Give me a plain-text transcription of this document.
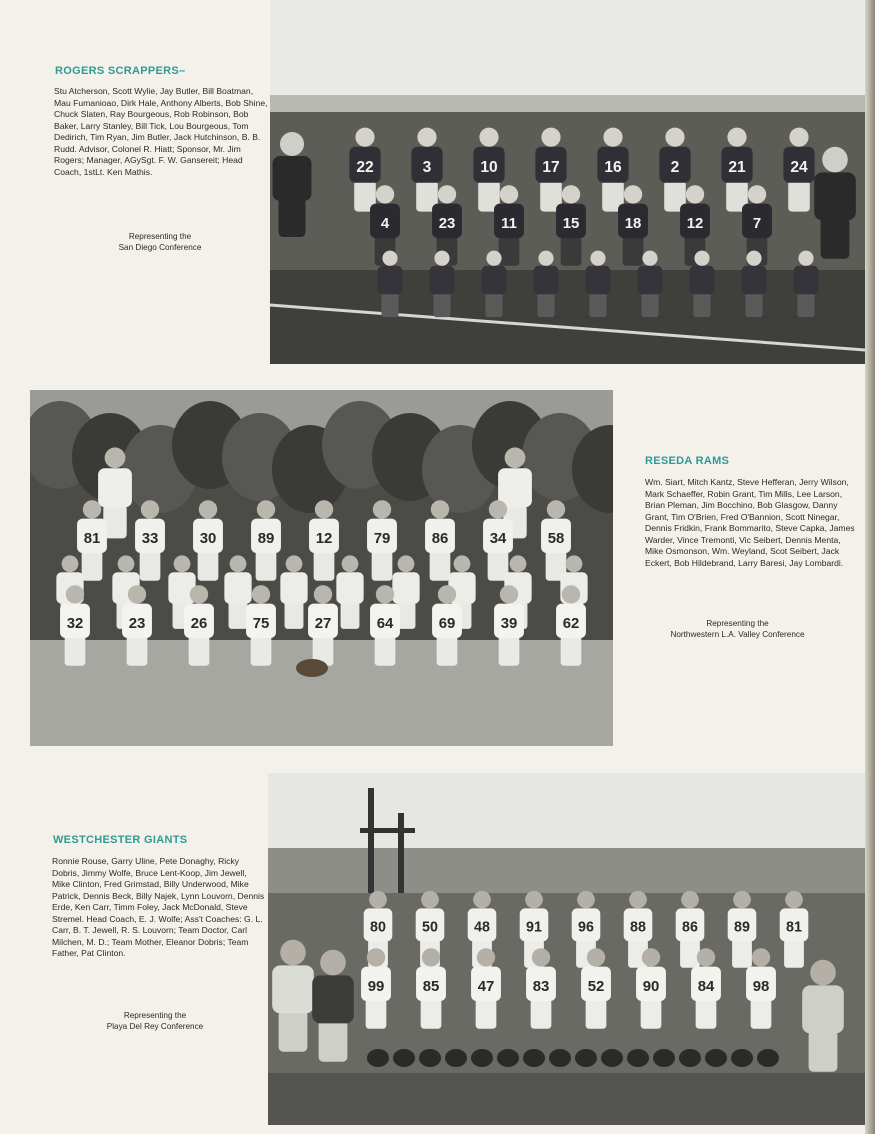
ROGERS SCRAPPERS–

Stu Atcherson, Scott Wylie, Jay Butler, Bill Boatman, Mau Fumanioao, Dirk Hale, Anthony Alberts, Bob Shine, Chuck Slaten, Ray Bourgeous, Rob Robinson, Bob Baker, Larry Stanley, Bill Tick, Lou Bourgeous, Tom Dedirich, Tim Ryan, Jim Butler, Jack Hutchinson, B. B. Rudd. Advisor, Colonel R. Hiatt; Sponsor, Mr. Jim Rogers; Manager, AGySgt. F. W. Gansereit; Head Coach, 1stLt. Ken Mathis.

Representing the
San Diego Conference
22	3	10	17	16	2	21	24
4	23	11	15	18	12	7
81	33	30	89	12	79	86	34	58
32	23	26	75	27	64	69	39	62
RESEDA RAMS

Wm. Siart, Mitch Kantz, Steve Hefferan, Jerry Wilson, Mark Schaeffer, Robin Grant, Tim Mills, Lee Larson, Brian Pleman, Jim Bocchino, Bob Glasgow, Danny Grant, Tim O'Brien, Fred O'Bannion, Scott Ninegar, Dennis Fridkin, Frank Bommarito, Steve Capka, James Warder, Vince Tremonti, Vic Seibert, Dennis Menta, Mike Osmonson, Wm. Weyland, Scot Seibert, Jack Eckert, Bob Hildebrand, Larry Baresi, Jay Lombardi.

Representing the
Northwestern L.A. Valley Conference
WESTCHESTER GIANTS

Ronnie Rouse, Garry Uline, Pete Donaghy, Ricky Dobris, Jimmy Wolfe, Bruce Lent-Koop, Jim Jewell, Mike Clinton, Fred Grimstad, Billy Underwood, Mike Patrick, Dennis Beck, Billy Najek, Lynn Louvorn, Dennis Erde, Ken Carr, Timm Foley, Jack McDonald, Steve Stremel. Head Coach, E. J. Wolfe; Ass't Coaches: G. L. Carr, B. T. Jewell, R. S. Louvorn; Team Doctor, Carl Milchen, M. D.; Team Mother, Eleanor Dobris; Team Father, Pat Clinton.

Representing the
Playa Del Rey Conference
80	50	48	91	96	88	86	89	81
99	85	47	83	52	90	84	98
